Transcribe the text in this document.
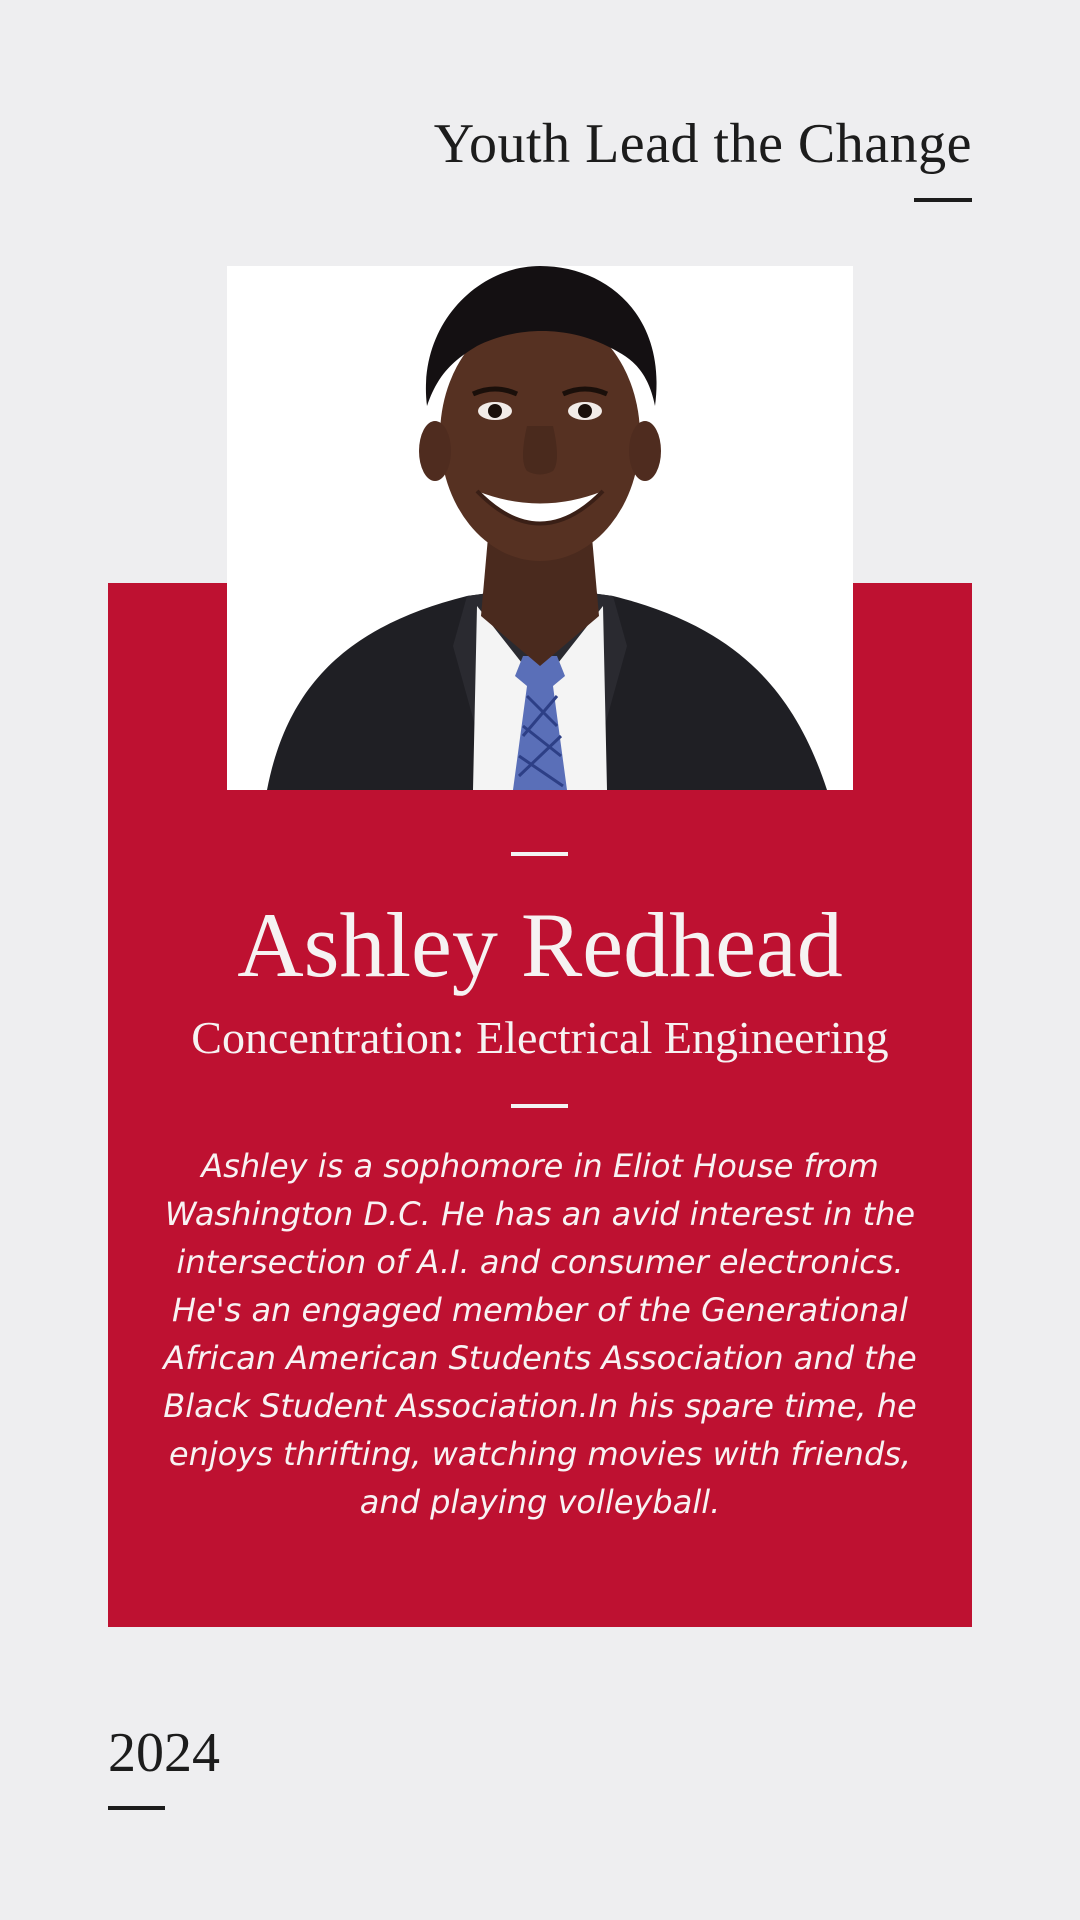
Youth Lead the Change
Ashley Redhead
Concentration: Electrical Engineering

Ashley is a sophomore in Eliot House from Washington D.C. He has an avid interest in the intersection of A.I. and consumer electronics. He's an engaged member of the Generational African American Students Association and the Black Student Association.In his spare time, he enjoys thrifting, watching movies with friends, and playing volleyball.

2024
